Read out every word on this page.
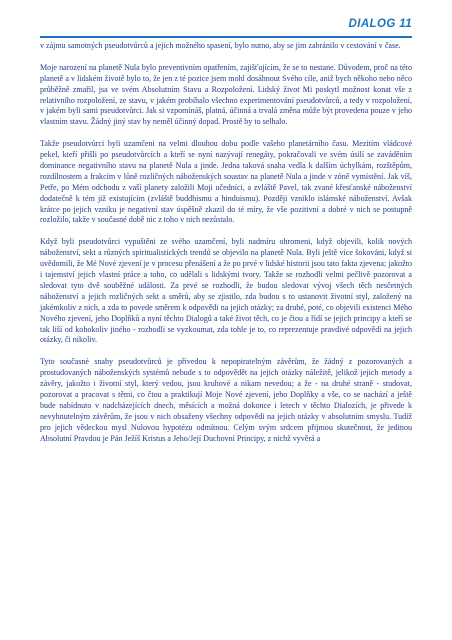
DIALOG 11

v zájmu samotných pseudotvůrců a jejich možného spasení, bylo nutno, aby se jim zabránilo v cestování v čase.

Moje narození na planetě Nula bylo preventivním opatřením, zajišťujícím, že se to nestane. Důvodem, proč na této planetě a v lidském životě bylo to, že jen z té pozice jsem mohl dosáhnout Svého cíle, aniž bych někoho nebo něco průběžně zmařil, jsa ve svém Absolutním Stavu a Rozpoložení. Lidský život Mi poskytl možnost konat vše z relativního rozpoložení, ze stavu, v jakém probíhalo všechno experimentování pseudotvůrců, a tedy v rozpoložení, v jakém byli sami pseudotvůrci. Jak si vzpomínáš, platná, účinná a trvalá změna může být provedena pouze v jeho vlastním stavu. Žádný jiný stav by neměl účinný dopad. Prostě by to selhalo.

Takže pseudotvůrci byli uzamčeni na velmi dlouhou dobu podle vašeho planetárního času. Mezitím vládcové pekel, kteří přišli po pseudotvůrcích a kteří se nyní nazývají renegáty, pokračovali ve svém úsilí se zaváděním dominance negativního stavu na planetě Nula a jinde. Jedna taková snaha vedla k dalším úchylkám, rozštěpům, rozdílnostem a frakcím v lůně rozličných náboženských soustav na planetě Nula a jinde v zóně vymístění. Jak víš, Petře, po Mém odchodu z vaší planety založili Moji učedníci, a zvláště Pavel, tak zvané křesťanské náboženství dodatečně k tém již existujícím (zvláště buddhismu a hinduismu). Později vzniklo islámské náboženství. Avšak krátce po jejich vzniku je negativní stav úspěšně zkazil do té míry, že vše pozitivní a dobré v nich se postupně rozložilo, takže v současné době nic z toho v nich nezůstalo.

Když byli pseudotvůrci vypuštěni ze svého uzamčení, byli nadmíru ohromeni, když objevili, kolik nových náboženství, sekt a různých spiritualistických trendů se objevilo na planetě Nula. Byli ještě více šokováni, když si uvědomili, že Mé Nové zjevení je v procesu přenášení a že po prvé v lidské historii jsou tato fakta zjevena; jakožto i tajemství jejich vlastní práce a toho, co udělali s lidskými tvory. Takže se rozhodli velmi pečlivě pozorovat a sledovat tyto dvě souběžné události. Za prvé se rozhodli, že budou sledovat vývoj všech těch nesčetných náboženství a jejich rozličných sekt a směrů, aby se zjistilo, zda budou s to ustanovit životní styl, založený na jakémkoliv z nich, a zda to povede směrem k odpovědi na jejich otázky; za druhé, poté, co objevili existenci Mého Nového zjevení, jeho Doplňků a nyní těchto Dialogů a také život těch, co je čtou a řídí se jejich principy a kteří se tak liší od kohokoliv jiného - rozhodli se vyzkoumat, zda tohle je to, co reprezentuje pravdivé odpovědi na jejich otázky, či nikoliv.

Tyto současné snahy pseudotvůrců je přivedou k nepopiratelným závěrům, že žádný z pozorovaných a prostudovaných náboženských systémů nebude s to odpovědět na jejich otázky náležitě, jelikož jejich metody a závěry, jakožto i životní styl, který vedou, jsou kruhové a nikam nevedou; a že - na druhé straně - studovat, pozorovat a pracovat s těmi, co čtou a praktikují Moje Nové zjevení, jeho Doplňky a vše, co se nachází a ještě bude nabídnuto v nadcházejících dnech, měsících a možná dokonce i letech v těchto Dialozích, je přivede k nevyhnutelným závěrům, že jsou v nich obsaženy všechny odpovědi na jejich otázky v absolutním smyslu. Tudíž pro jejich vědeckou mysl Nulovou hypotézu odmítnou. Celým svým srdcem přijmou skutečnost, že jedinou Absolutní Pravdou je Pán Ježíš Kristus a Jeho/Její Duchovní Principy, z nichž vyvěrá a
